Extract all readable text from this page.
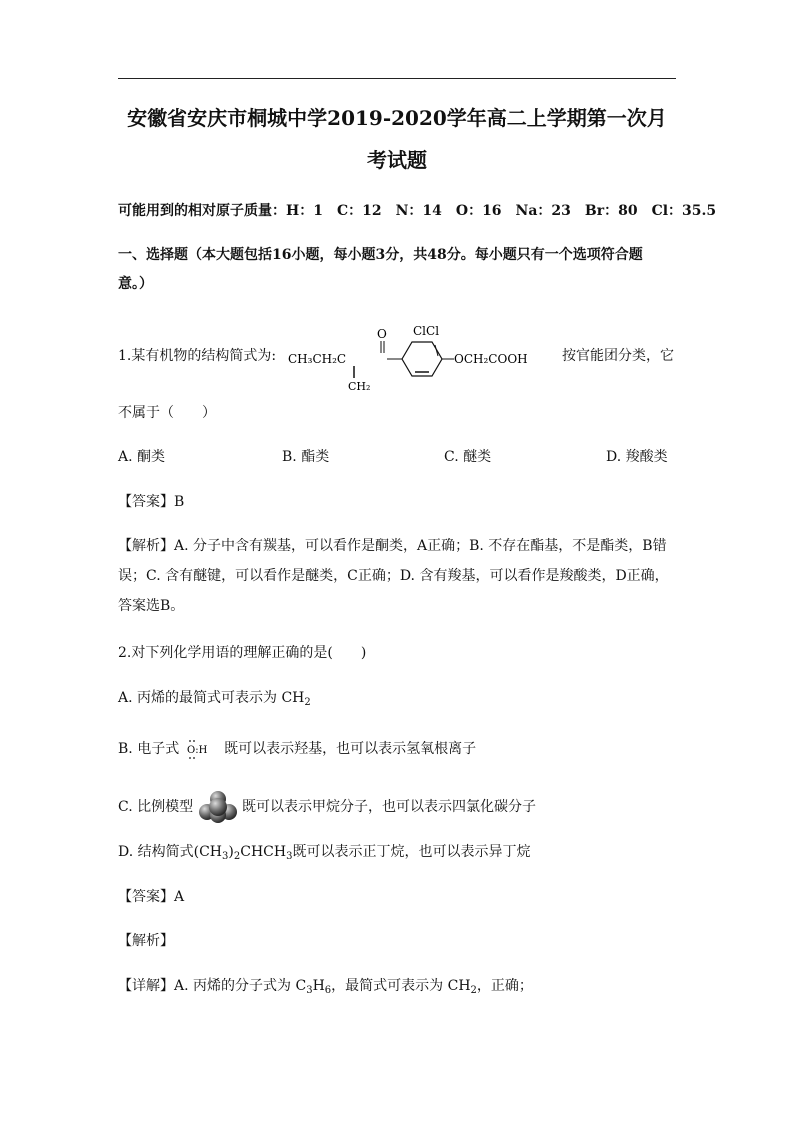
安徽省安庆市桐城中学2019-2020学年高二上学期第一次月
考试题
可能用到的相对原子质量：H：1　C：12　N：14　O：16　Na：23　Br：80　Cl：35.5
一、选择题（本大题包括16小题，每小题3分，共48分。每小题只有一个选项符合题
意。）
1.某有机物的结构简式为: CH₃CH₂C
O
CH₂
ClCl
OCH₂COOH 按官能团分类，它
不属于（　　）
A. 酮类	B. 酯类	C. 醚类	D. 羧酸类
【答案】B
【解析】A. 分子中含有羰基，可以看作是酮类，A正确；B. 不存在酯基，不是酯类，B错
误；C. 含有醚键，可以看作是醚类，C正确；D. 含有羧基，可以看作是羧酸类，D正确，
答案选B。
2.对下列化学用语的理解正确的是(　　)
A. 丙烯的最简式可表示为 $CH_2$
B. 电子式 O:H 既可以表示羟基，也可以表示氢氧根离子
C. 比例模型	既可以表示甲烷分子，也可以表示四氯化碳分子
D. 结构简式$(CH_3)_2CHCH_3$既可以表示正丁烷，也可以表示异丁烷
【答案】A
【解析】
【详解】A. 丙烯的分子式为 $C_3H_6$，最简式可表示为 $CH_2$，正确；
